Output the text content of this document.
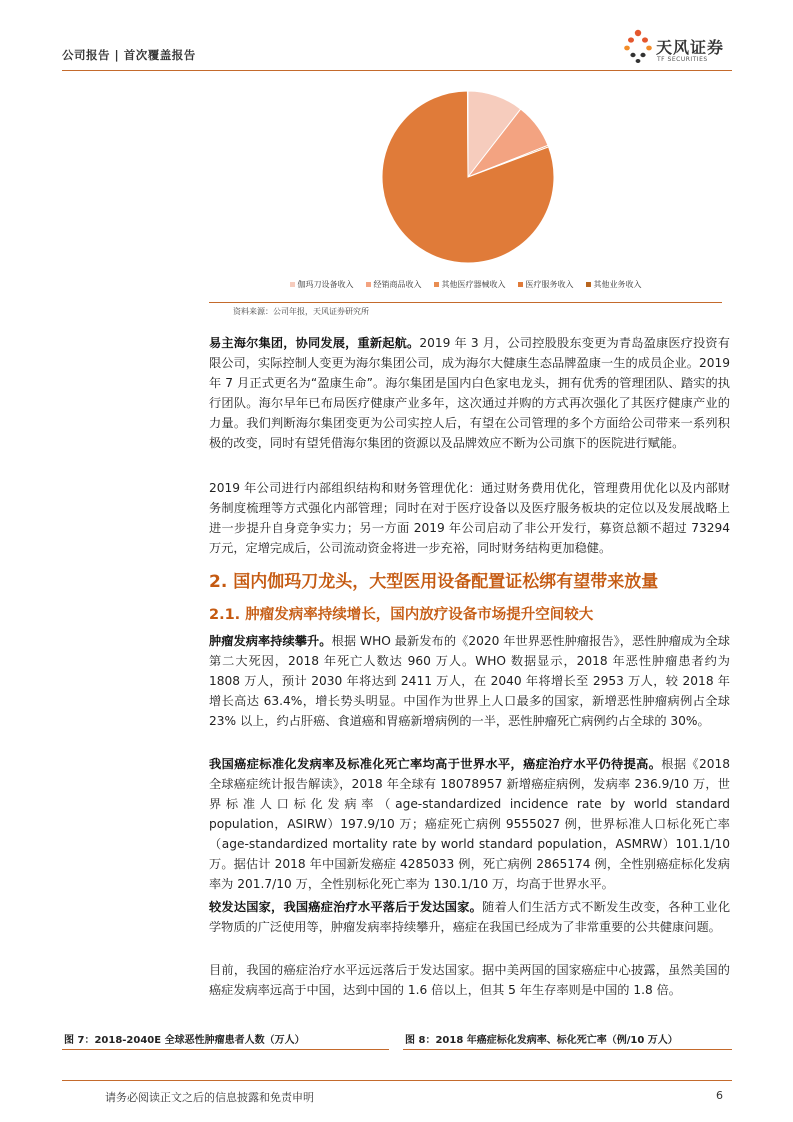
公司报告 | 首次覆盖报告	天风证券
TF SECURITIES
伽玛刀设备收入	经销商品收入	其他医疗器械收入	医疗服务收入	其他业务收入
资料来源：公司年报，天风证券研究所

易主海尔集团，协同发展，重新起航。2019 年 3 月，公司控股股东变更为青岛盈康医疗投资有限公司，实际控制人变更为海尔集团公司，成为海尔大健康生态品牌盈康一生的成员企业。2019 年 7 月正式更名为“盈康生命”。海尔集团是国内白色家电龙头，拥有优秀的管理团队、踏实的执行团队。海尔早年已布局医疗健康产业多年，这次通过并购的方式再次强化了其医疗健康产业的力量。我们判断海尔集团变更为公司实控人后，有望在公司管理的多个方面给公司带来一系列积极的改变，同时有望凭借海尔集团的资源以及品牌效应不断为公司旗下的医院进行赋能。

2019 年公司进行内部组织结构和财务管理优化：通过财务费用优化，管理费用优化以及内部财务制度梳理等方式强化内部管理；同时在对于医疗设备以及医疗服务板块的定位以及发展战略上进一步提升自身竞争实力；另一方面 2019 年公司启动了非公开发行，募资总额不超过 73294 万元，定增完成后，公司流动资金将进一步充裕，同时财务结构更加稳健。

2. 国内伽玛刀龙头，大型医用设备配置证松绑有望带来放量
2.1. 肿瘤发病率持续增长，国内放疗设备市场提升空间较大

肿瘤发病率持续攀升。根据 WHO 最新发布的《2020 年世界恶性肿瘤报告》，恶性肿瘤成为全球第二大死因，2018 年死亡人数达 960 万人。WHO 数据显示，2018 年恶性肿瘤患者约为 1808 万人，预计 2030 年将达到 2411 万人，在 2040 年将增长至 2953 万人，较 2018 年增长高达 63.4%，增长势头明显。中国作为世界上人口最多的国家，新增恶性肿瘤病例占全球 23% 以上，约占肝癌、食道癌和胃癌新增病例的一半，恶性肿瘤死亡病例约占全球的 30%。

我国癌症标准化发病率及标准化死亡率均高于世界水平，癌症治疗水平仍待提高。根据《2018 全球癌症统计报告解读》，2018 年全球有 18078957 新增癌症病例，发病率 236.9/10 万，世界标准人口标化发病率（age-standardized incidence rate by world standard population，ASIRW）197.9/10 万；癌症死亡病例 9555027 例，世界标准人口标化死亡率（age-standardized mortality rate by world standard population，ASMRW）101.1/10 万。据估计 2018 年中国新发癌症 4285033 例，死亡病例 2865174 例，全性别癌症标化发病率为 201.7/10 万，全性别标化死亡率为 130.1/10 万，均高于世界水平。

较发达国家，我国癌症治疗水平落后于发达国家。随着人们生活方式不断发生改变，各种工业化学物质的广泛使用等，肿瘤发病率持续攀升，癌症在我国已经成为了非常重要的公共健康问题。

目前，我国的癌症治疗水平远远落后于发达国家。据中美两国的国家癌症中心披露，虽然美国的癌症发病率远高于中国，达到中国的 1.6 倍以上，但其 5 年生存率则是中国的 1.8 倍。

图 7：2018-2040E 全球恶性肿瘤患者人数（万人）	图 8：2018 年癌症标化发病率、标化死亡率（例/10 万人）
请务必阅读正文之后的信息披露和免责申明	6
